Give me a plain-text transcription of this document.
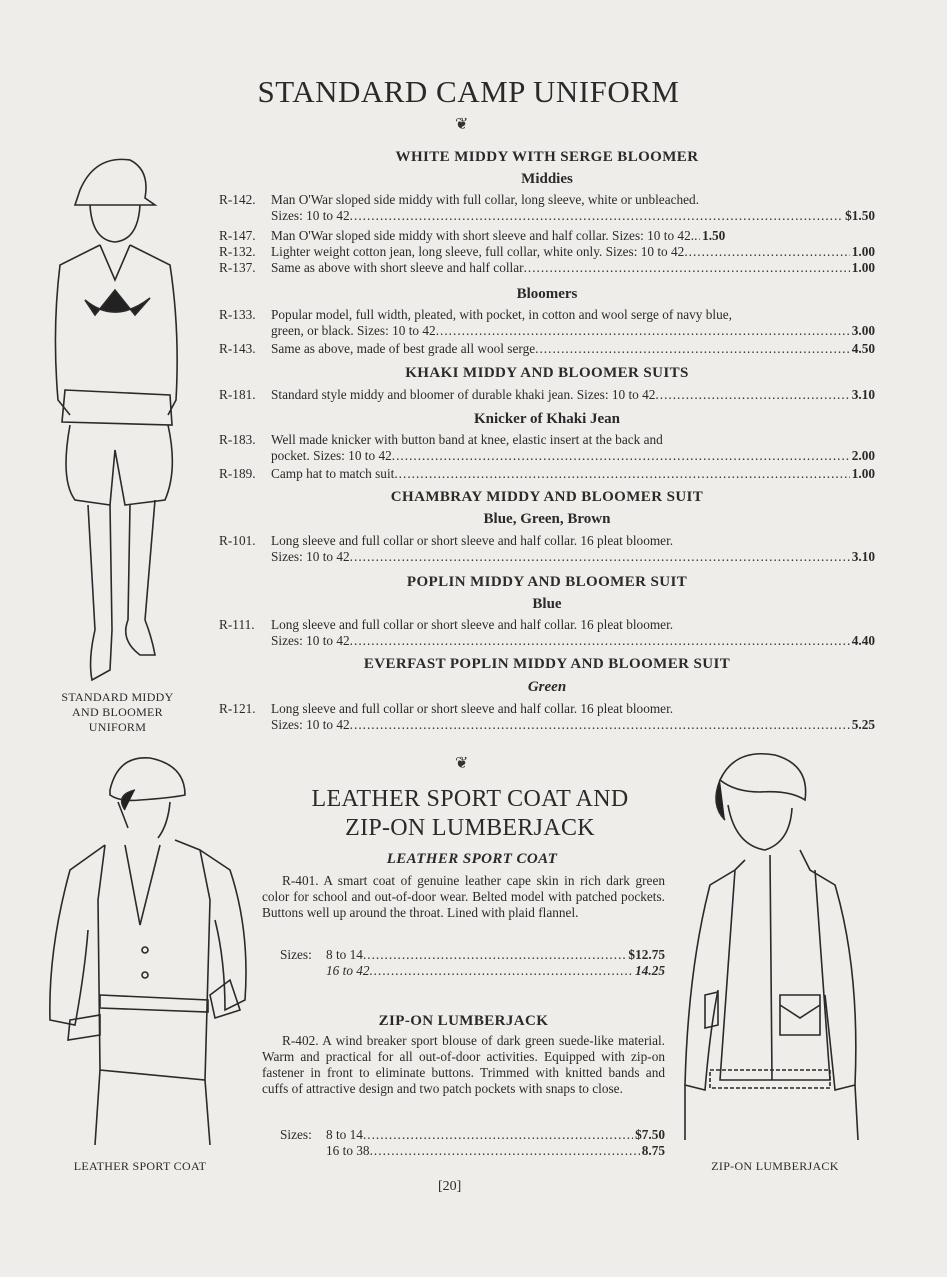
STANDARD CAMP UNIFORM
❦
WHITE MIDDY WITH SERGE BLOOMER
Middies
R-142. Man O'War sloped side middy with full collar, long sleeve, white or unbleached.
Sizes: 10 to 42 .....	$1.50
R-147.	Man O'War sloped side middy with short sleeve and half collar. Sizes: 10 to 42. ..... 1.50
R-132.	Lighter weight cotton jean, long sleeve, full collar, white only. Sizes: 10 to 42 .....	1.00
R-137.	Same as above with short sleeve and half collar .....	1.00
Bloomers
R-133. Popular model, full width, pleated, with pocket, in cotton and wool serge of navy blue,
green, or black. Sizes: 10 to 42 .....	3.00
R-143.	Same as above, made of best grade all wool serge .....	4.50
KHAKI MIDDY AND BLOOMER SUITS
R-181.	Standard style middy and bloomer of durable khaki jean. Sizes: 10 to 42 .....	3.10
Knicker of Khaki Jean
R-183. Well made knicker with button band at knee, elastic insert at the back and
pocket. Sizes: 10 to 42 .....	2.00
R-189.	Camp hat to match suit .....	1.00
CHAMBRAY MIDDY AND BLOOMER SUIT
Blue, Green, Brown
R-101. Long sleeve and full collar or short sleeve and half collar. 16 pleat bloomer.
Sizes: 10 to 42 .....	3.10
POPLIN MIDDY AND BLOOMER SUIT
Blue
R-111. Long sleeve and full collar or short sleeve and half collar. 16 pleat bloomer.
Sizes: 10 to 42 .....	4.40
EVERFAST POPLIN MIDDY AND BLOOMER SUIT
Green
R-121. Long sleeve and full collar or short sleeve and half collar. 16 pleat bloomer.
Sizes: 10 to 42 .....	5.25
❦
STANDARD MIDDY
AND BLOOMER
UNIFORM
LEATHER SPORT COAT AND
ZIP-ON LUMBERJACK
LEATHER SPORT COAT
R-401. A smart coat of genuine leather cape skin in rich dark green color for school and out-of-door wear. Belted model with patched pockets. Buttons well up around the throat. Lined with plaid flannel.
Sizes:	8 to 14 .....	$12.75
16 to 42 .....	14.25
ZIP-ON LUMBERJACK
R-402. A wind breaker sport blouse of dark green suede-like material. Warm and practical for all out-of-door activities. Equipped with zip-on fastener in front to eliminate buttons. Trimmed with knitted bands and cuffs of attractive design and two patch pockets with snaps to close.
Sizes:	8 to 14 .....	$7.50
16 to 38 .....	8.75
LEATHER SPORT COAT	ZIP-ON LUMBERJACK
[20]
